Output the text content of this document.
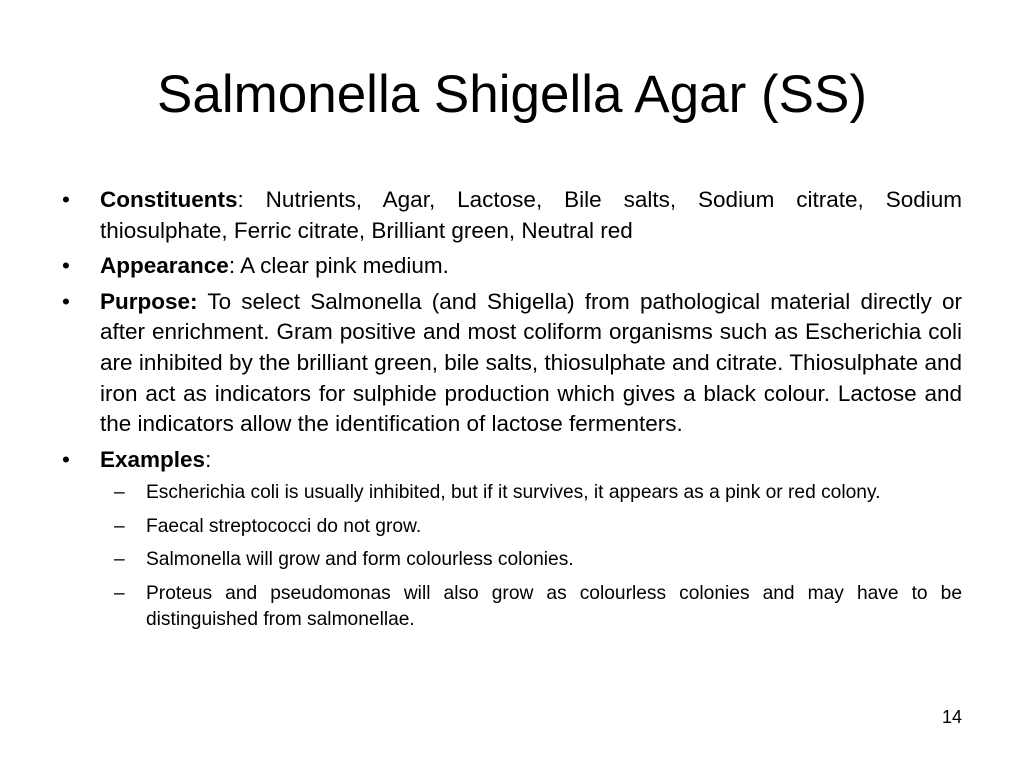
Salmonella Shigella Agar (SS)
• Constituents: Nutrients, Agar, Lactose, Bile salts, Sodium citrate, Sodium thiosulphate, Ferric citrate, Brilliant green, Neutral red
• Appearance: A clear pink medium.
• Purpose: To select Salmonella (and Shigella) from pathological material directly or after enrichment. Gram positive and most coliform organisms such as Escherichia coli are inhibited by the brilliant green, bile salts, thiosulphate and citrate. Thiosulphate and iron act as indicators for sulphide production which gives a black colour. Lactose and the indicators allow the identification of lactose fermenters.
• Examples:
– Escherichia coli is usually inhibited, but if it survives, it appears as a pink or red colony.
– Faecal streptococci do not grow.
– Salmonella will grow and form colourless colonies.
– Proteus and pseudomonas will also grow as colourless colonies and may have to be distinguished from salmonellae.
14
